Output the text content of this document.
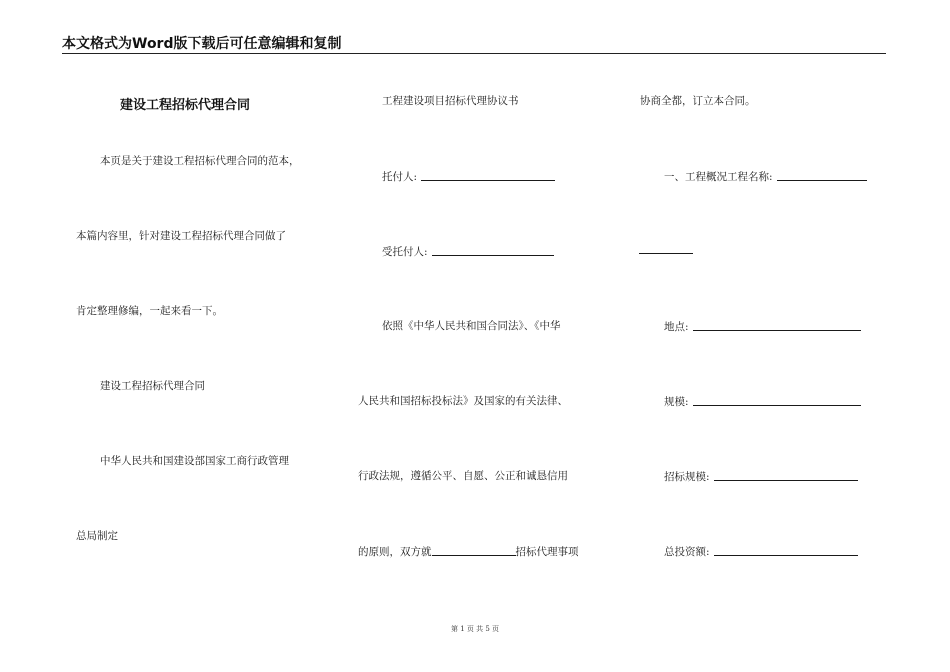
本文格式为Word版下载后可任意编辑和复制
建设工程招标代理合同
本页是关于建设工程招标代理合同的范本，
本篇内容里，针对建设工程招标代理合同做了
肯定整理修编，一起来看一下。
建设工程招标代理合同
中华人民共和国建设部国家工商行政管理
总局制定
工程建设项目招标代理协议书
托付人:
受托付人:
依照《中华人民共和国合同法》、《中华
人民共和国招标投标法》及国家的有关法律、
行政法规，遵循公平、自愿、公正和诚恳信用
的原则，双方就	招标代理事项
协商全都，订立本合同。
一、工程概况工程名称:
地点:
规模:
招标规模:
总投资额:
第 1 页 共 5 页
